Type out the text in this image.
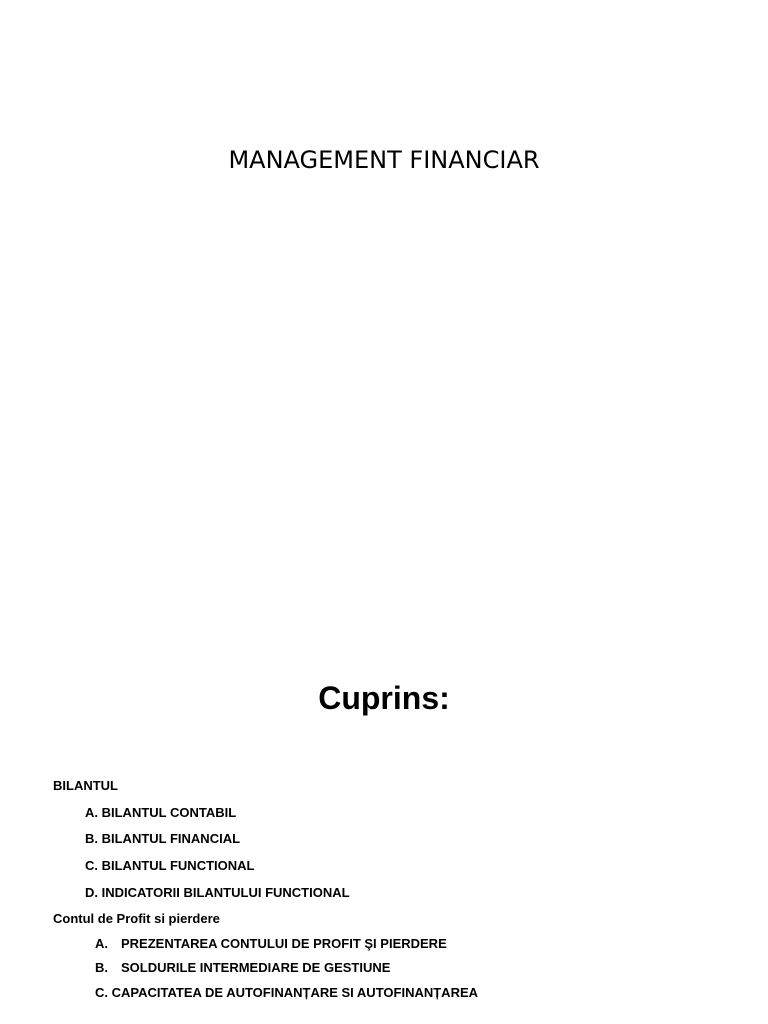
MANAGEMENT FINANCIAR
Cuprins:
BILANTUL
A. BILANTUL CONTABIL
B. BILANTUL FINANCIAL
C. BILANTUL FUNCTIONAL
D. INDICATORII BILANTULUI FUNCTIONAL
Contul de Profit si pierdere
A. PREZENTAREA CONTULUI DE PROFIT ŞI PIERDERE
B. SOLDURILE INTERMEDIARE DE GESTIUNE
C. CAPACITATEA DE AUTOFINANȚARE SI AUTOFINANȚAREA
